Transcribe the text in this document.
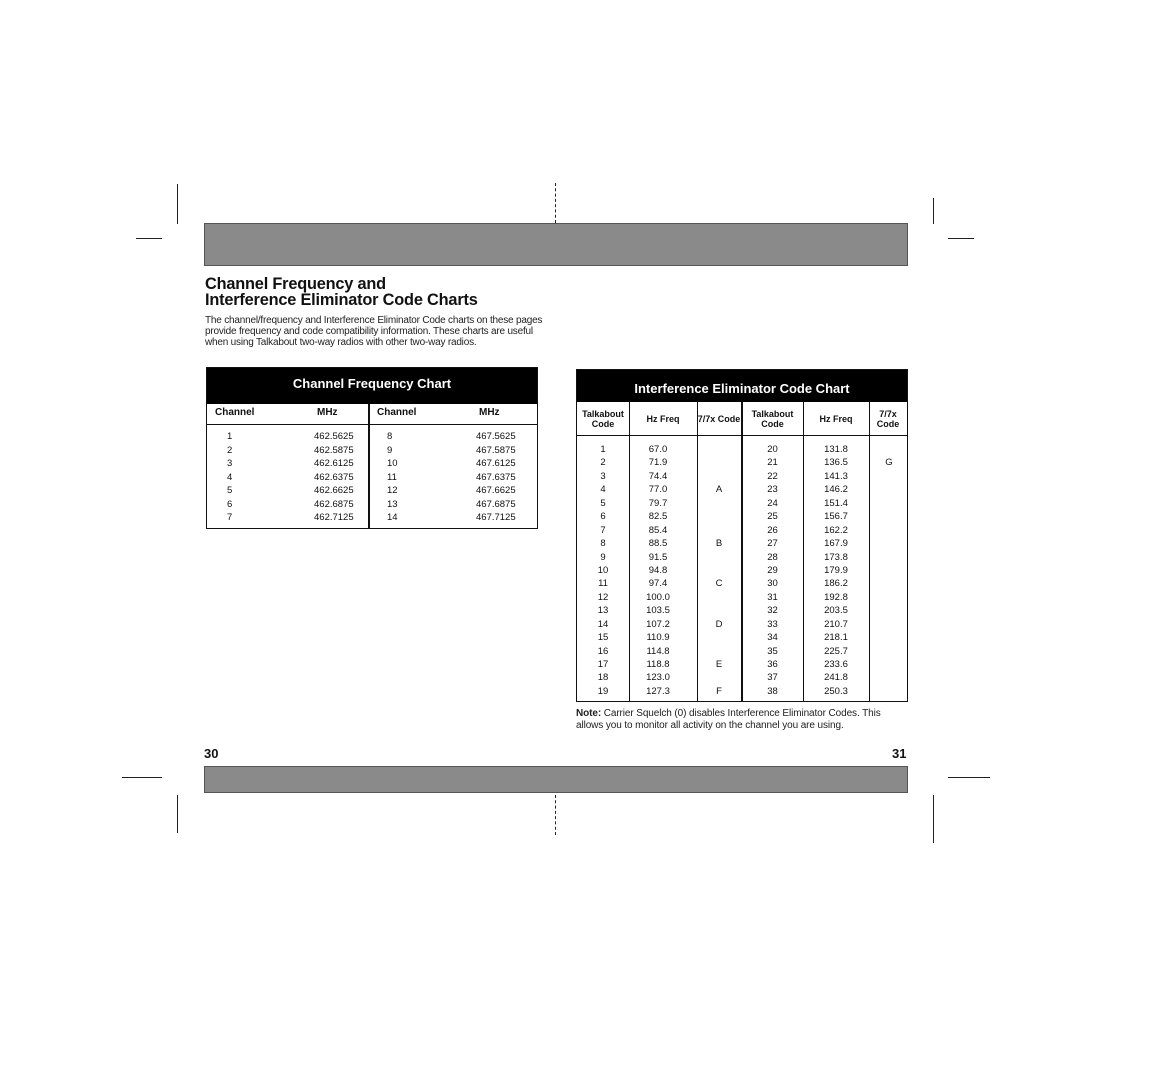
Channel Frequency and
Interference Eliminator Code Charts
The channel/frequency and Interference Eliminator Code charts on these pages provide frequency and code compatibility information. These charts are useful when using Talkabout two-way radios with other two-way radios.
Channel Frequency Chart
Channel
1
2
3
4
5
6
7
MHz
462.5625
462.5875
462.6125
462.6375
462.6625
462.6875
462.7125
Channel
8
9
10
11
12
13
14
MHz
467.5625
467.5875
467.6125
467.6375
467.6625
467.6875
467.7125
Interference Eliminator Code Chart
Talkabout Code
1
2
3
4
5
6
7
8
9
10
11
12
13
14
15
16
17
18
19
Hz Freq
67.0
71.9
74.4
77.0
79.7
82.5
85.4
88.5
91.5
94.8
97.4
100.0
103.5
107.2
110.9
114.8
118.8
123.0
127.3
7/7x Code
A
B
C
D
E
F
Talkabout Code
20
21
22
23
24
25
26
27
28
29
30
31
32
33
34
35
36
37
38
Hz Freq
131.8
136.5
141.3
146.2
151.4
156.7
162.2
167.9
173.8
179.9
186.2
192.8
203.5
210.7
218.1
225.7
233.6
241.8
250.3
7/7x Code
G
Note: Carrier Squelch (0) disables Interference Eliminator Codes. This allows you to monitor all activity on the channel you are using.
30	31
